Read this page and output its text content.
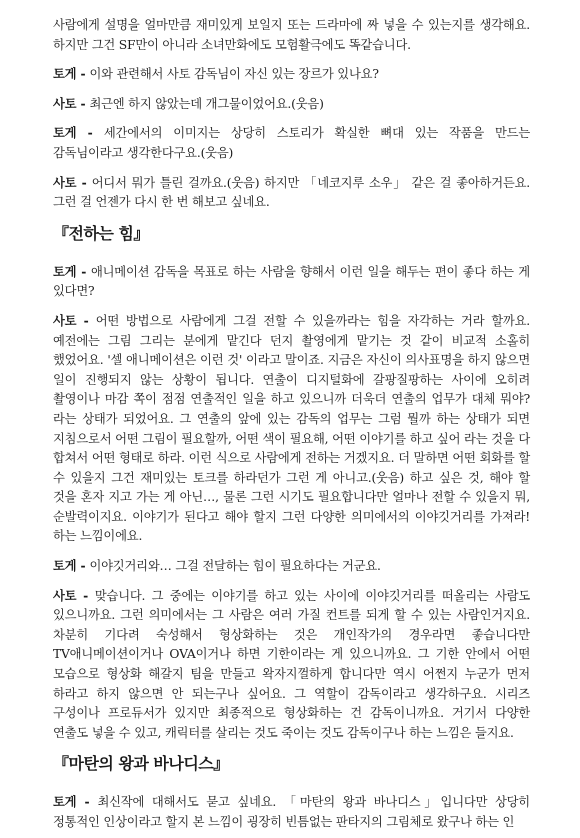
사람에게 설명을 얼마만큼 재미있게 보일지 또는 드라마에 짜 넣을 수 있는지를 생각해요. 하지만 그건 SF만이 아니라 소녀만화에도 모험활극에도 똑같습니다.

토게 - 이와 관련해서 사토 감독님이 자신 있는 장르가 있나요?

사토 - 최근엔 하지 않았는데 개그물이었어요.(웃음)

토게 - 세간에서의 이미지는 상당히 스토리가 확실한 뼈대 있는 작품을 만드는 감독님이라고 생각한다구요.(웃음)

사토 - 어디서 뭐가 틀린 걸까요.(웃음) 하지만 「네코지루 소우」 같은 걸 좋아하거든요. 그런 걸 언젠가 다시 한 번 해보고 싶네요.

『전하는 힘』

토게 - 애니메이션 감독을 목표로 하는 사람을 향해서 이런 일을 해두는 편이 좋다 하는 게 있다면?

사토 - 어떤 방법으로 사람에게 그걸 전할 수 있을까라는 힘을 자각하는 거라 할까요. 예전에는 그림 그리는 분에게 맡긴다 던지 촬영에게 맡기는 것 같이 비교적 소홀히 했었어요. '셀 애니메이션은 이런 것' 이라고 말이죠. 지금은 자신이 의사표명을 하지 않으면 일이 진행되지 않는 상황이 됩니다. 연출이 디지털화에 갈팡질팡하는 사이에 오히려 촬영이나 마감 쪽이 점점 연출적인 일을 하고 있으니까 더욱더 연출의 업무가 대체 뭐야? 라는 상태가 되었어요. 그 연출의 앞에 있는 감독의 업무는 그럼 뭘까 하는 상태가 되면 지침으로서 어떤 그림이 필요할까, 어떤 색이 필요해, 어떤 이야기를 하고 싶어 라는 것을 다 합쳐서 어떤 형태로 하라. 이런 식으로 사람에게 전하는 거겠지요. 더 말하면 어떤 회화를 할 수 있을지 그건 재미있는 토크를 하라던가 그런 게 아니고.(웃음) 하고 싶은 것, 해야 할 것을 혼자 지고 가는 게 아닌…, 물론 그런 시기도 필요합니다만 얼마나 전할 수 있을지 뭐, 순발력이지요. 이야기가 된다고 해야 할지 그런 다양한 의미에서의 이야깃거리를 가져라! 하는 느낌이에요.

토게 - 이야깃거리와… 그걸 전달하는 힘이 필요하다는 거군요.

사토 - 맞습니다. 그 중에는 이야기를 하고 있는 사이에 이야깃거리를 떠올리는 사람도 있으니까요. 그런 의미에서는 그 사람은 여러 가질 컨트를 되게 할 수 있는 사람인거지요. 차분히 기다려 숙성해서 형상화하는 것은 개인작가의 경우라면 좋습니다만 TV애니메이션이거나 OVA이거나 하면 기한이라는 게 있으니까요. 그 기한 안에서 어떤 모습으로 형상화 해갈지 팀을 만들고 왁자지껄하게 합니다만 역시 어쩐지 누군가 먼저 하라고 하지 않으면 안 되는구나 싶어요. 그 역할이 감독이라고 생각하구요. 시리즈 구성이나 프로듀서가 있지만 최종적으로 형상화하는 건 감독이니까요. 거기서 다양한 연출도 넣을 수 있고, 캐릭터를 살리는 것도 죽이는 것도 감독이구나 하는 느낌은 들지요.

『마탄의 왕과 바나디스』

토게 - 최신작에 대해서도 묻고 싶네요. 「마탄의 왕과 바나디스」입니다만 상당히 정통적인 인상이라고 할지 본 느낌이 굉장히 빈틈없는 판타지의 그림체로 왔구나 하는 인
